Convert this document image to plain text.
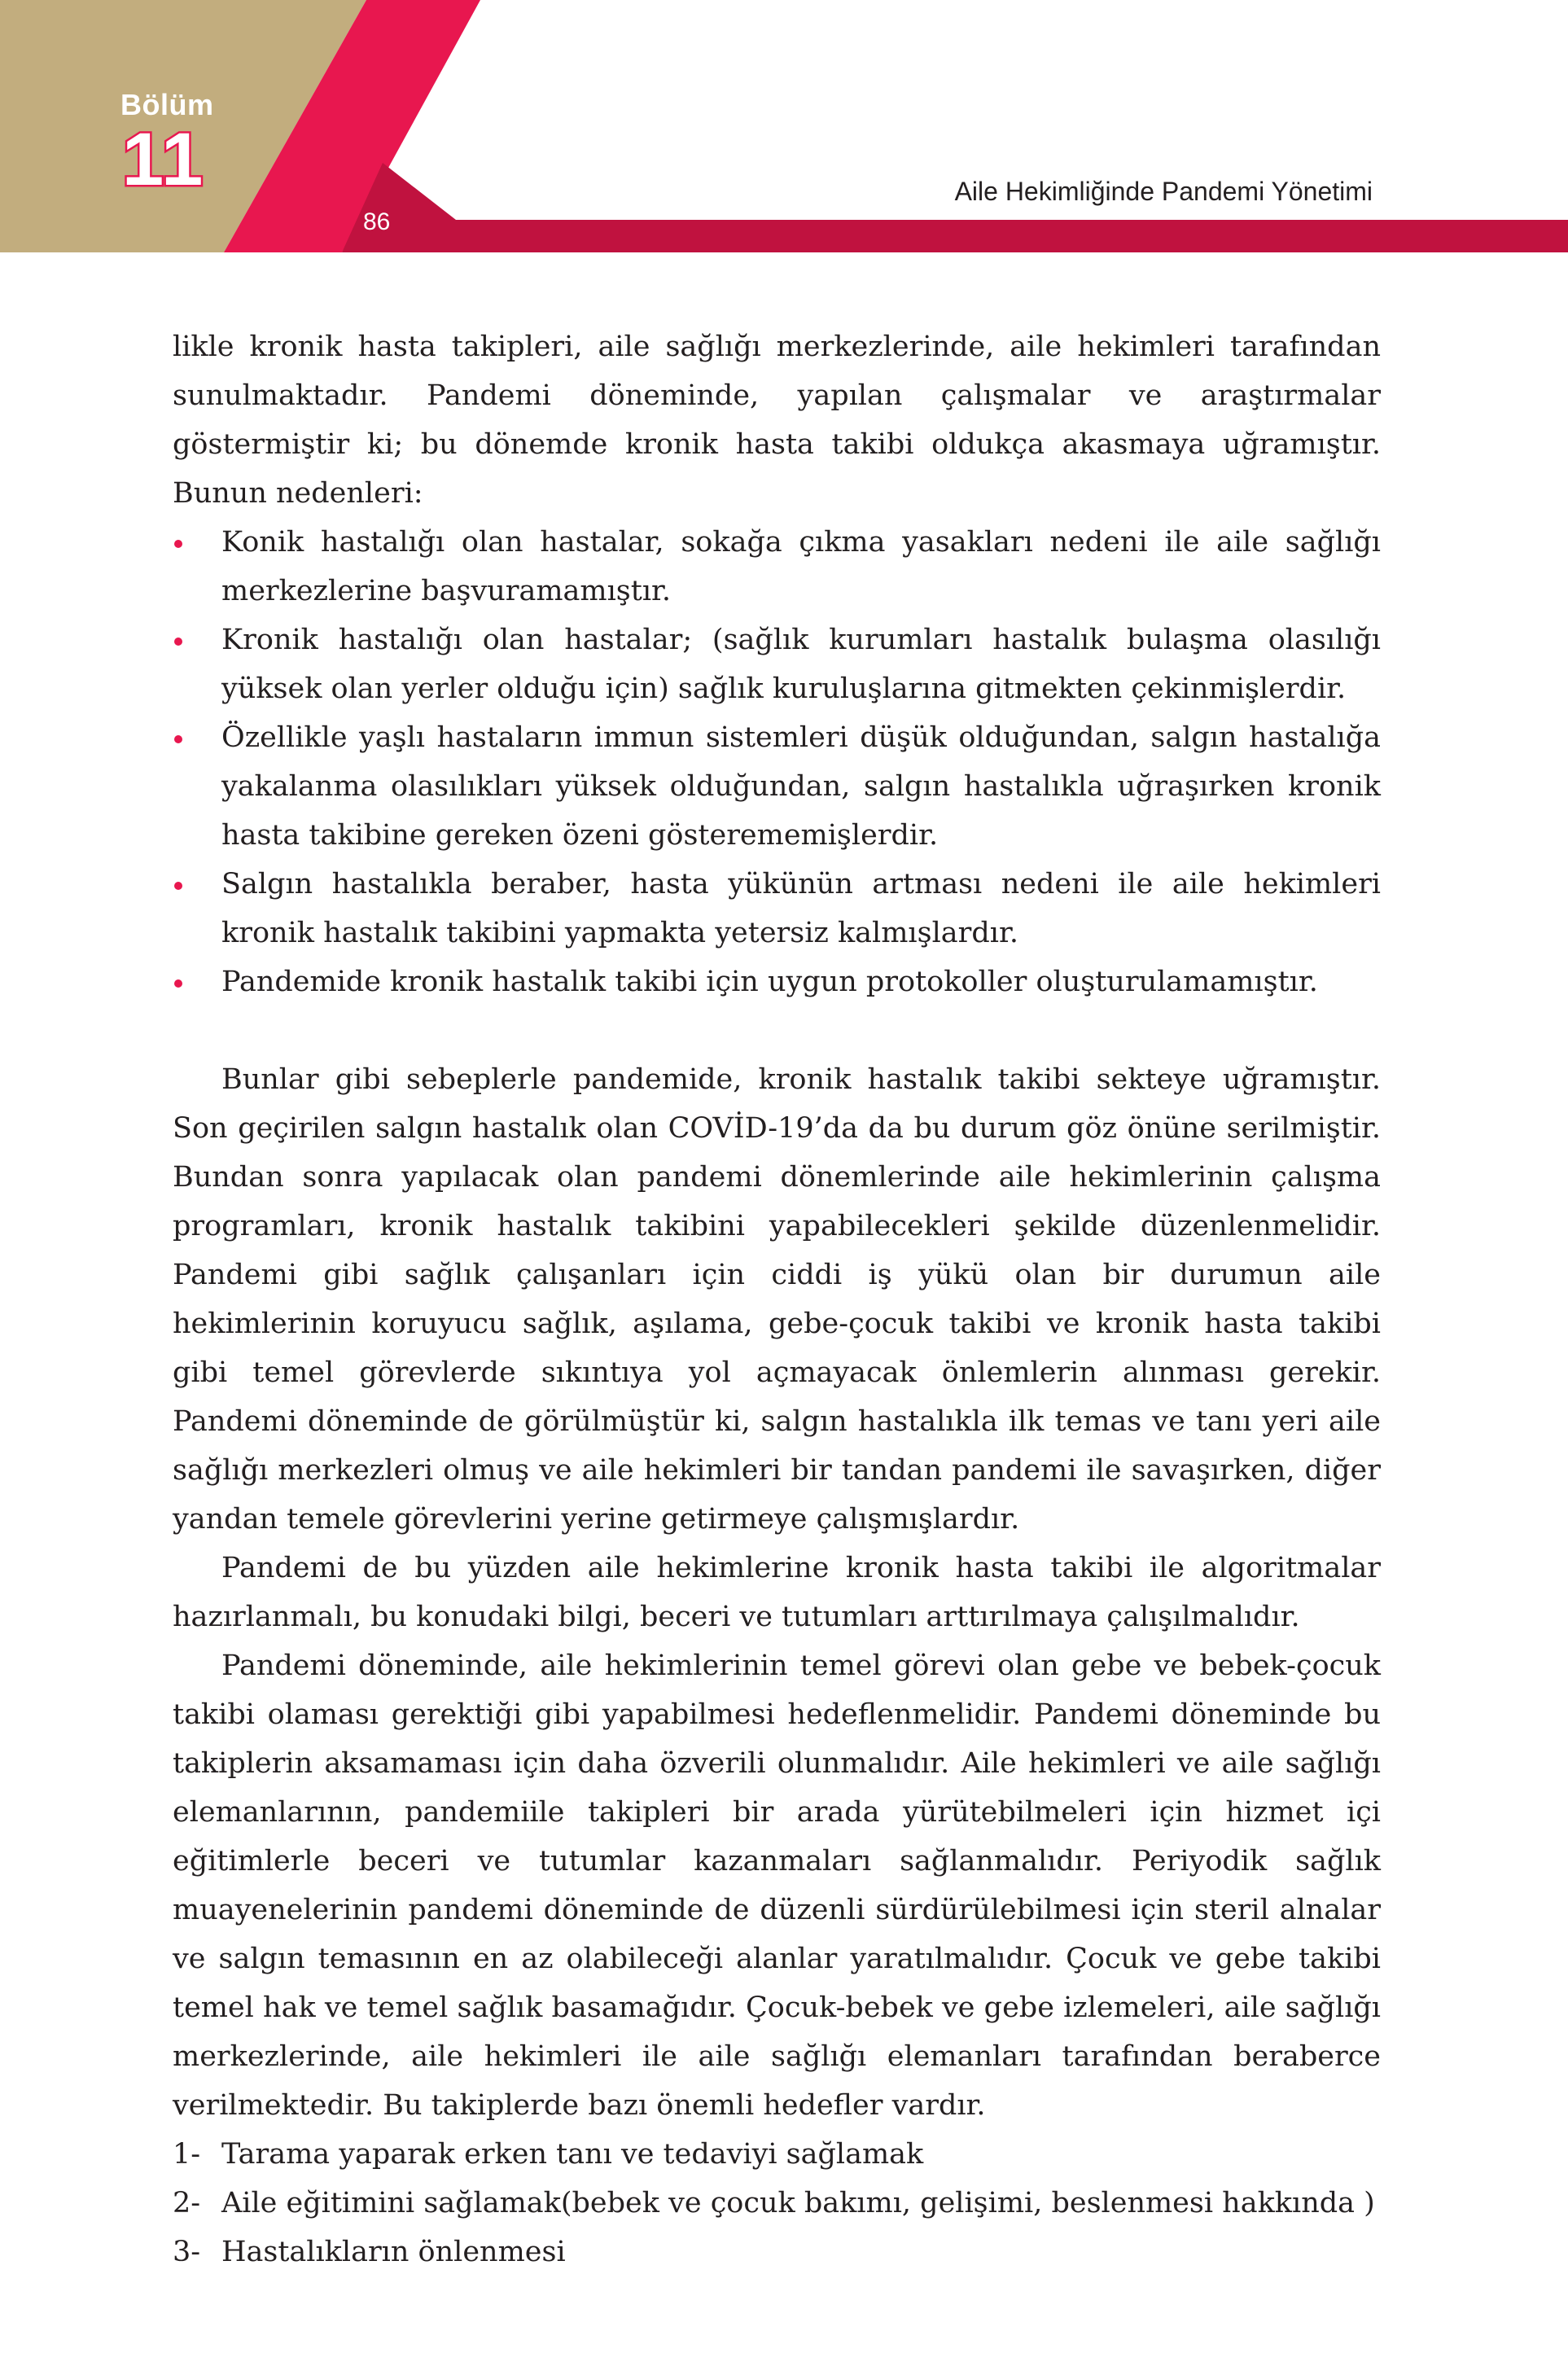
Bölüm
11
86
Aile Hekimliğinde Pandemi Yönetimi

likle kronik hasta takipleri, aile sağlığı merkezlerinde, aile hekimleri tarafından sunulmaktadır. Pandemi döneminde, yapılan çalışmalar ve araştırmalar göstermiştir ki; bu dönemde kronik hasta takibi oldukça akasmaya uğramıştır. Bunun nedenleri:

Konik hastalığı olan hastalar, sokağa çıkma yasakları nedeni ile aile sağlığı merkezlerine başvuramamıştır.
Kronik hastalığı olan hastalar; (sağlık kurumları hastalık bulaşma olasılığı yüksek olan yerler olduğu için) sağlık kuruluşlarına gitmekten çekinmişlerdir.
Özellikle yaşlı hastaların immun sistemleri düşük olduğundan, salgın hastalığa yakalanma olasılıkları yüksek olduğundan, salgın hastalıkla uğraşırken kronik hasta takibine gereken özeni gösterememişlerdir.
Salgın hastalıkla beraber, hasta yükünün artması nedeni ile aile hekimleri kronik hastalık takibini yapmakta yetersiz kalmışlardır.
Pandemide kronik hastalık takibi için uygun protokoller oluşturulamamıştır.

Bunlar gibi sebeplerle pandemide, kronik hastalık takibi sekteye uğramıştır. Son geçirilen salgın hastalık olan COVİD-19’da da bu durum göz önüne serilmiştir. Bundan sonra yapılacak olan pandemi dönemlerinde aile hekimlerinin çalışma programları, kronik hastalık takibini yapabilecekleri şekilde düzenlenmelidir. Pandemi gibi sağlık çalışanları için ciddi iş yükü olan bir durumun aile hekimlerinin koruyucu sağlık, aşılama, gebe-çocuk takibi ve kronik hasta takibi gibi temel görevlerde sıkıntıya yol açmayacak önlemlerin alınması gerekir. Pandemi döneminde de görülmüştür ki, salgın hastalıkla ilk temas ve tanı yeri aile sağlığı merkezleri olmuş ve aile hekimleri bir tandan pandemi ile savaşırken, diğer yandan temele görevlerini yerine getirmeye çalışmışlardır.

Pandemi de bu yüzden aile hekimlerine kronik hasta takibi ile algoritmalar hazırlanmalı, bu konudaki bilgi, beceri ve tutumları arttırılmaya çalışılmalıdır.

Pandemi döneminde, aile hekimlerinin temel görevi olan gebe ve bebek-çocuk takibi olaması gerektiği gibi yapabilmesi hedeflenmelidir. Pandemi döneminde bu takiplerin aksamaması için daha özverili olunmalıdır. Aile hekimleri ve aile sağlığı elemanlarının, pandemiile takipleri bir arada yürütebilmeleri için hizmet içi eğitimlerle beceri ve tutumlar kazanmaları sağlanmalıdır. Periyodik sağlık muayenelerinin pandemi döneminde de düzenli sürdürülebilmesi için steril alnalar ve salgın temasının en az olabileceği alanlar yaratılmalıdır. Çocuk ve gebe takibi temel hak ve temel sağlık basamağıdır. Çocuk-bebek ve gebe izlemeleri, aile sağlığı merkezlerinde, aile hekimleri ile aile sağlığı elemanları tarafından beraberce verilmektedir. Bu takiplerde bazı önemli hedefler vardır.

1- Tarama yaparak erken tanı ve tedaviyi sağlamak
2- Aile eğitimini sağlamak(bebek ve çocuk bakımı, gelişimi, beslenmesi hakkında )
3- Hastalıkların önlenmesi
